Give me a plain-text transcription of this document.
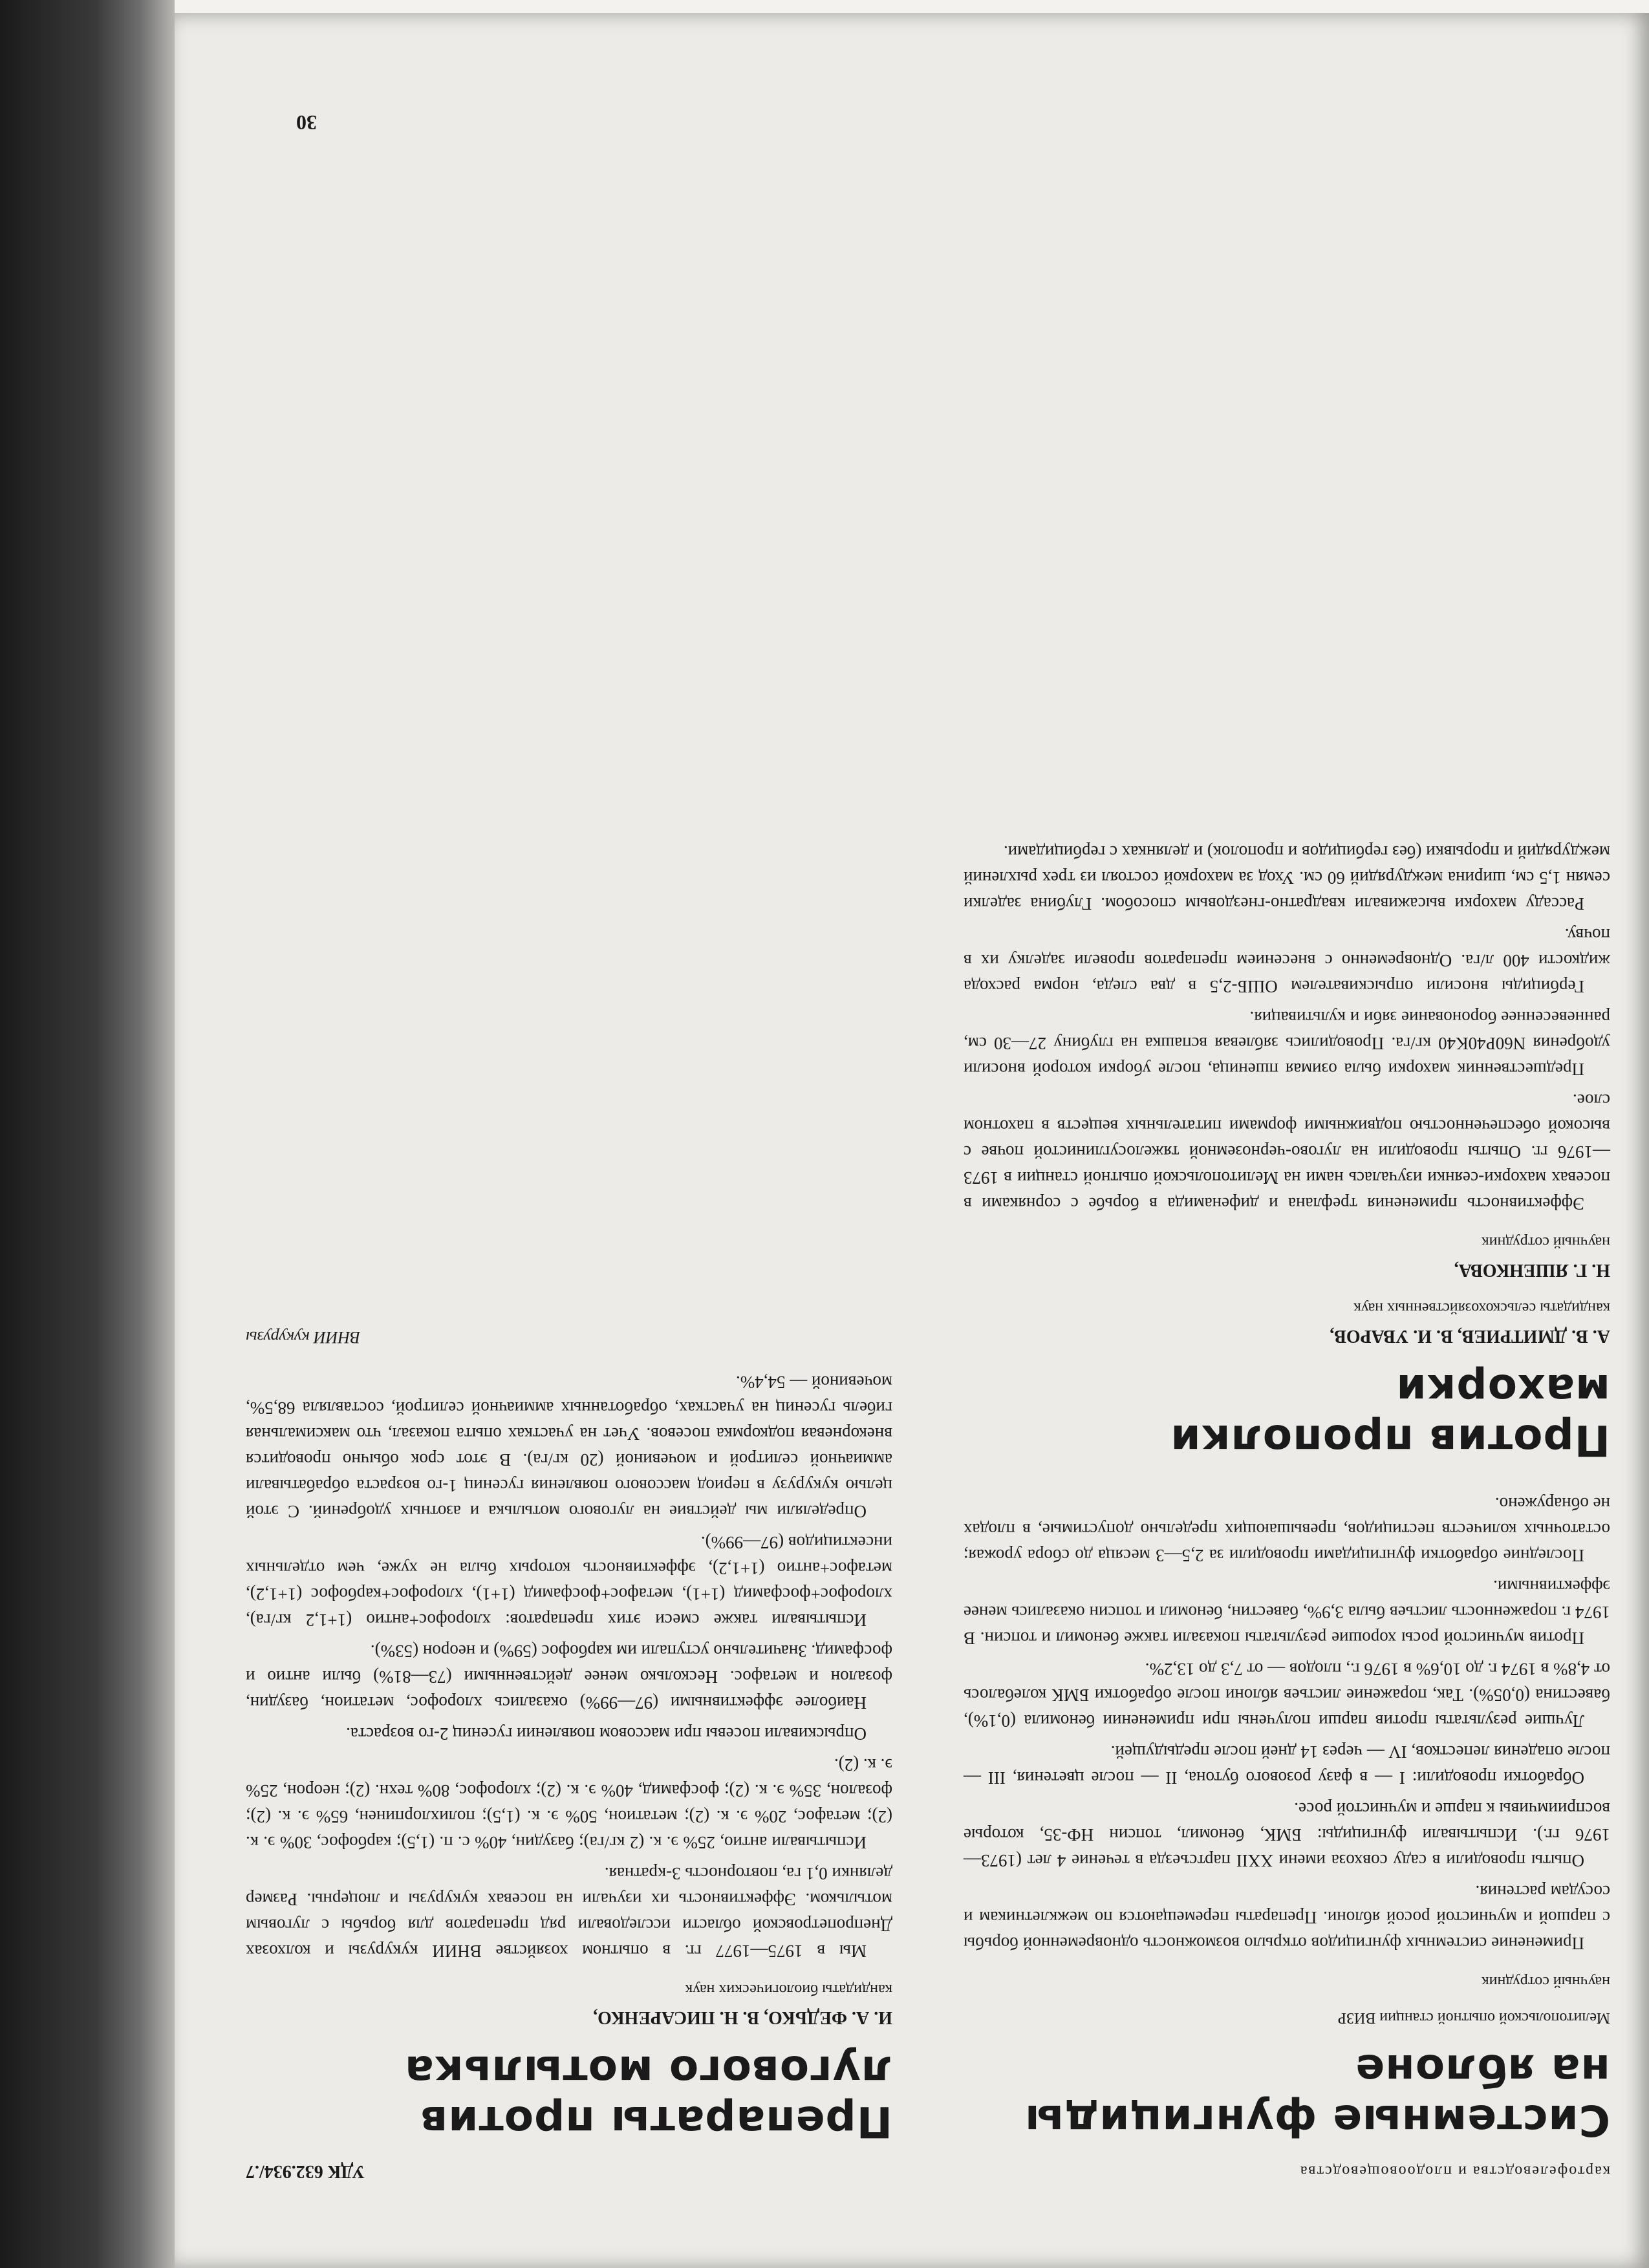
картофелеводства и плодоовощеводства
Системные фунгициды на яблоне
Мелитопольской опытной станции ВИЗР
научный сотрудник

Применение системных фунгицидов открыло возможность одновременной борьбы с паршой и мучнистой росой яблони. Препараты перемещаются по межклетникам и сосудам растения.

Опыты проводили в саду совхоза имени XXII партсъезда в течение 4 лет (1973—1976 гг.). Испытывали фунгициды: БМК, беномил, топсин НФ-35, которые восприимчивы к парше и мучнистой росе.

Обработки проводили: I — в фазу розового бутона, II — после цветения, III — после опадения лепестков, IV — через 14 дней после предыдущей.

Лучшие результаты против парши получены при применении беномила (0,1%), бавестина (0,05%). Так, поражение листьев яблони после обработки БМК колебалось от 4,8% в 1974 г. до 10,6% в 1976 г., плодов — от 7,3 до 13,2%.

Против мучнистой росы хорошие результаты показали также беномил и топсин. В 1974 г. пораженность листьев была 3,9%, бавестин, беномил и топсин оказались менее эффективными.

Последние обработки фунгицидами проводили за 2,5—3 месяца до сбора урожая; остаточных количеств пестицидов, превышающих предельно допустимые, в плодах не обнаружено.

Против прополки махорки
А. В. ДМИТРИЕВ, В. И. УВАРОВ,
кандидаты сельскохозяйственных наук
Н. Г. ЯШЕНКОВА,
научный сотрудник

Эффективность применения трефлана и дифенамида в борьбе с сорняками в посевах махорки-сеянки изучалась нами на Мелитопольской опытной станции в 1973—1976 гг. Опыты проводили на лугово-черноземной тяжелосуглинистой почве с высокой обеспеченностью подвижными формами питательных веществ в пахотном слое.

Предшественник махорки была озимая пшеница, после уборки которой вносили удобрения N60P40K40 кг/га. Проводились зяблевая вспашка на глубину 27—30 см, ранневесеннее боронование зяби и культивация.

Гербициды вносили опрыскивателем ОШБ-2,5 в два следа, норма расхода жидкости 400 л/га. Одновременно с внесением препаратов провели заделку их в почву.

Рассаду махорки высаживали квадратно-гнездовым способом. Глубина заделки семян 1,5 см, ширина междурядий 60 см. Уход за махоркой состоял из трех рыхлений междурядий и прорывки (без гербицидов и прополок) и делянках с гербицидами.

УДК 632.934/.7
Препараты против лугового мотылька
И. А. ФЕДЬКО, В. Н. ПИСАРЕНКО,
кандидаты биологических наук

Мы в 1975—1977 гг. в опытном хозяйстве ВНИИ кукурузы и колхозах Днепропетровской области исследовали ряд препаратов для борьбы с луговым мотыльком. Эффективность их изучали на посевах кукурузы и люцерны. Размер делянки 0,1 га, повторность 3-кратная.

Испытывали антио, 25% э. к. (2 кг/га); базудин, 40% с. п. (1,5); карбофос, 30% э. к. (2); метафос, 20% э. к. (2); метатион, 50% э. к. (1,5); полихлорпинен, 65% э. к. (2); фозалон, 35% э. к. (2); фосфамид, 40% э. к. (2); хлорофос, 80% техн. (2); неорон, 25% э. к. (2).

Опрыскивали посевы при массовом появлении гусениц 2-го возраста.

Наиболее эффективными (97—99%) оказались хлорофос, метатион, базудин, фозалон и метафос. Несколько менее действенными (73—81%) были антио и фосфамид. Значительно уступали им карбофос (59%) и неорон (53%).

Испытывали также смеси этих препаратов: хлорофос+антио (1+1,2 кг/га), хлорофос+фосфамид (1+1), метафос+фосфамид (1+1), хлорофос+карбофос (1+1,2), метафос+антио (1+1,2), эффективность которых была не хуже, чем отдельных инсектицидов (97—99%).

Определяли мы действие на лугового мотылька и азотных удобрений. С этой целью кукурузу в период массового появления гусениц 1-го возраста обрабатывали аммиачной селитрой и мочевиной (20 кг/га). В этот срок обычно проводится внекорневая подкормка посевов. Учет на участках опыта показал, что максимальная гибель гусениц на участках, обработанных аммиачной селитрой, составляла 68,5%, мочевиной — 54,4%.

ВНИИ кукурузы
30
